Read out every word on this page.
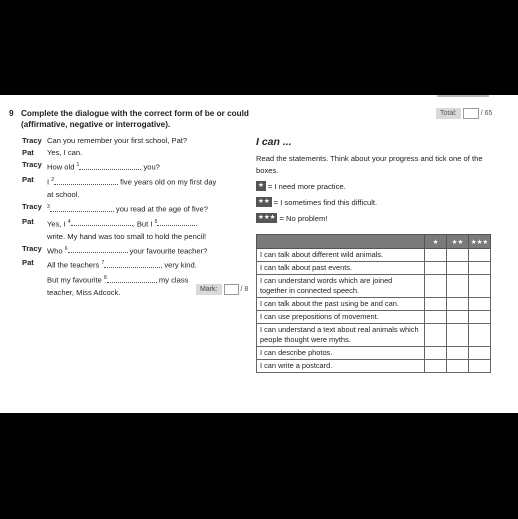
Total:	/ 65
9 Complete the dialogue with the correct form of be or could (affirmative, negative or interrogative).
Tracy Can you remember your first school, Pat?
Pat	Yes, I can.
Tracy How old $^1$	you?
Pat	I $^2$	five years old on my first day
at school.
Tracy	$^3$	you read at the age of five?
Pat	Yes, I $^4$	. But I $^5$
write. My hand was too small to hold the pencil!
Tracy Who $^6$	your favourite teacher?
Pat	All the teachers $^7$	very kind.
But my favourite $^8$	my class
teacher, Miss Adcock.	Mark:	/ 8
I can ...
Read the statements. Think about your progress and tick one of the boxes.
★ = I need more practice.
★★ = I sometimes find this difficult.
★★★ = No problem!
	★	★★	★★★
I can talk about different wild animals.			
I can talk about past events.			
I can understand words which are joined together in connected speech.			
I can talk about the past using be and can.			
I can use prepositions of movement.			
I can understand a text about real animals which people thought were myths.			
I can describe photos.			
I can write a postcard.			
